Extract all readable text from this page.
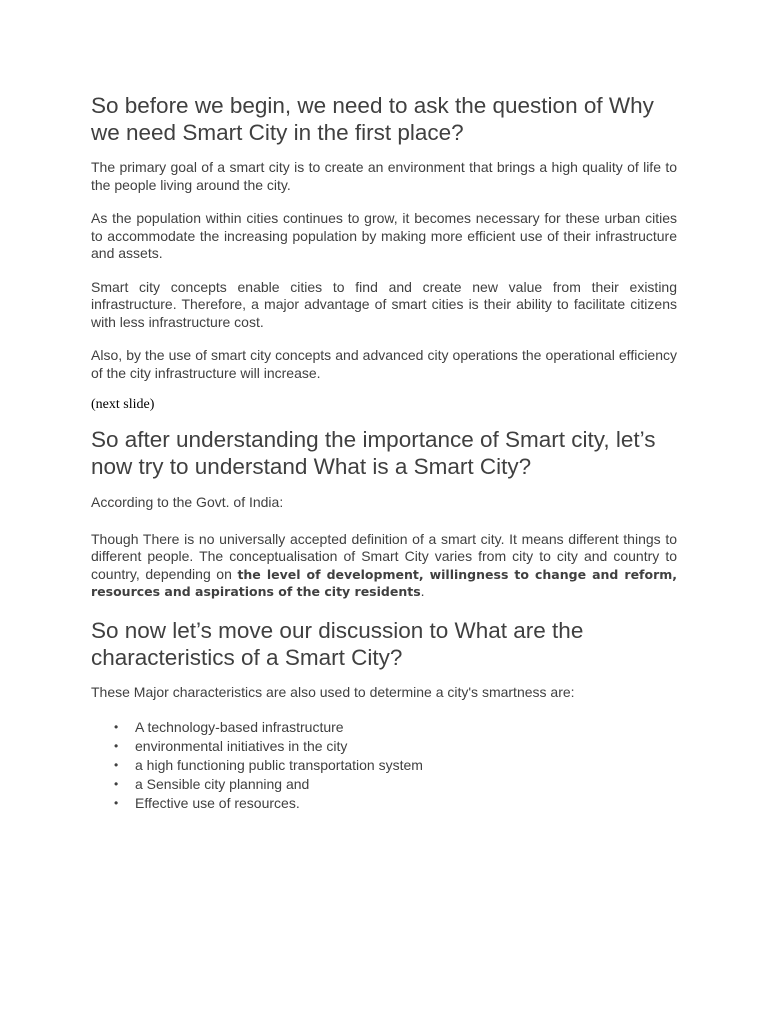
So before we begin, we need to ask the question of Why we need Smart City in the first place?

The primary goal of a smart city is to create an environment that brings a high quality of life to the people living around the city.

As the population within cities continues to grow, it becomes necessary for these urban cities to accommodate the increasing population by making more efficient use of their infrastructure and assets.

Smart city concepts enable cities to find and create new value from their existing infrastructure. Therefore, a major advantage of smart cities is their ability to facilitate citizens with less infrastructure cost.

Also, by the use of smart city concepts and advanced city operations the operational efficiency of the city infrastructure will increase.

(next slide)

So after understanding the importance of Smart city, let’s now try to understand What is a Smart City?

According to the Govt. of India:

Though There is no universally accepted definition of a smart city. It means different things to different people. The conceptualisation of Smart City varies from city to city and country to country, depending on the level of development, willingness to change and reform, resources and aspirations of the city residents.

So now let’s move our discussion to What are the characteristics of a Smart City?

These Major characteristics are also used to determine a city's smartness are:

• A technology-based infrastructure
• environmental initiatives in the city
• a high functioning public transportation system
• a Sensible city planning and
• Effective use of resources.
